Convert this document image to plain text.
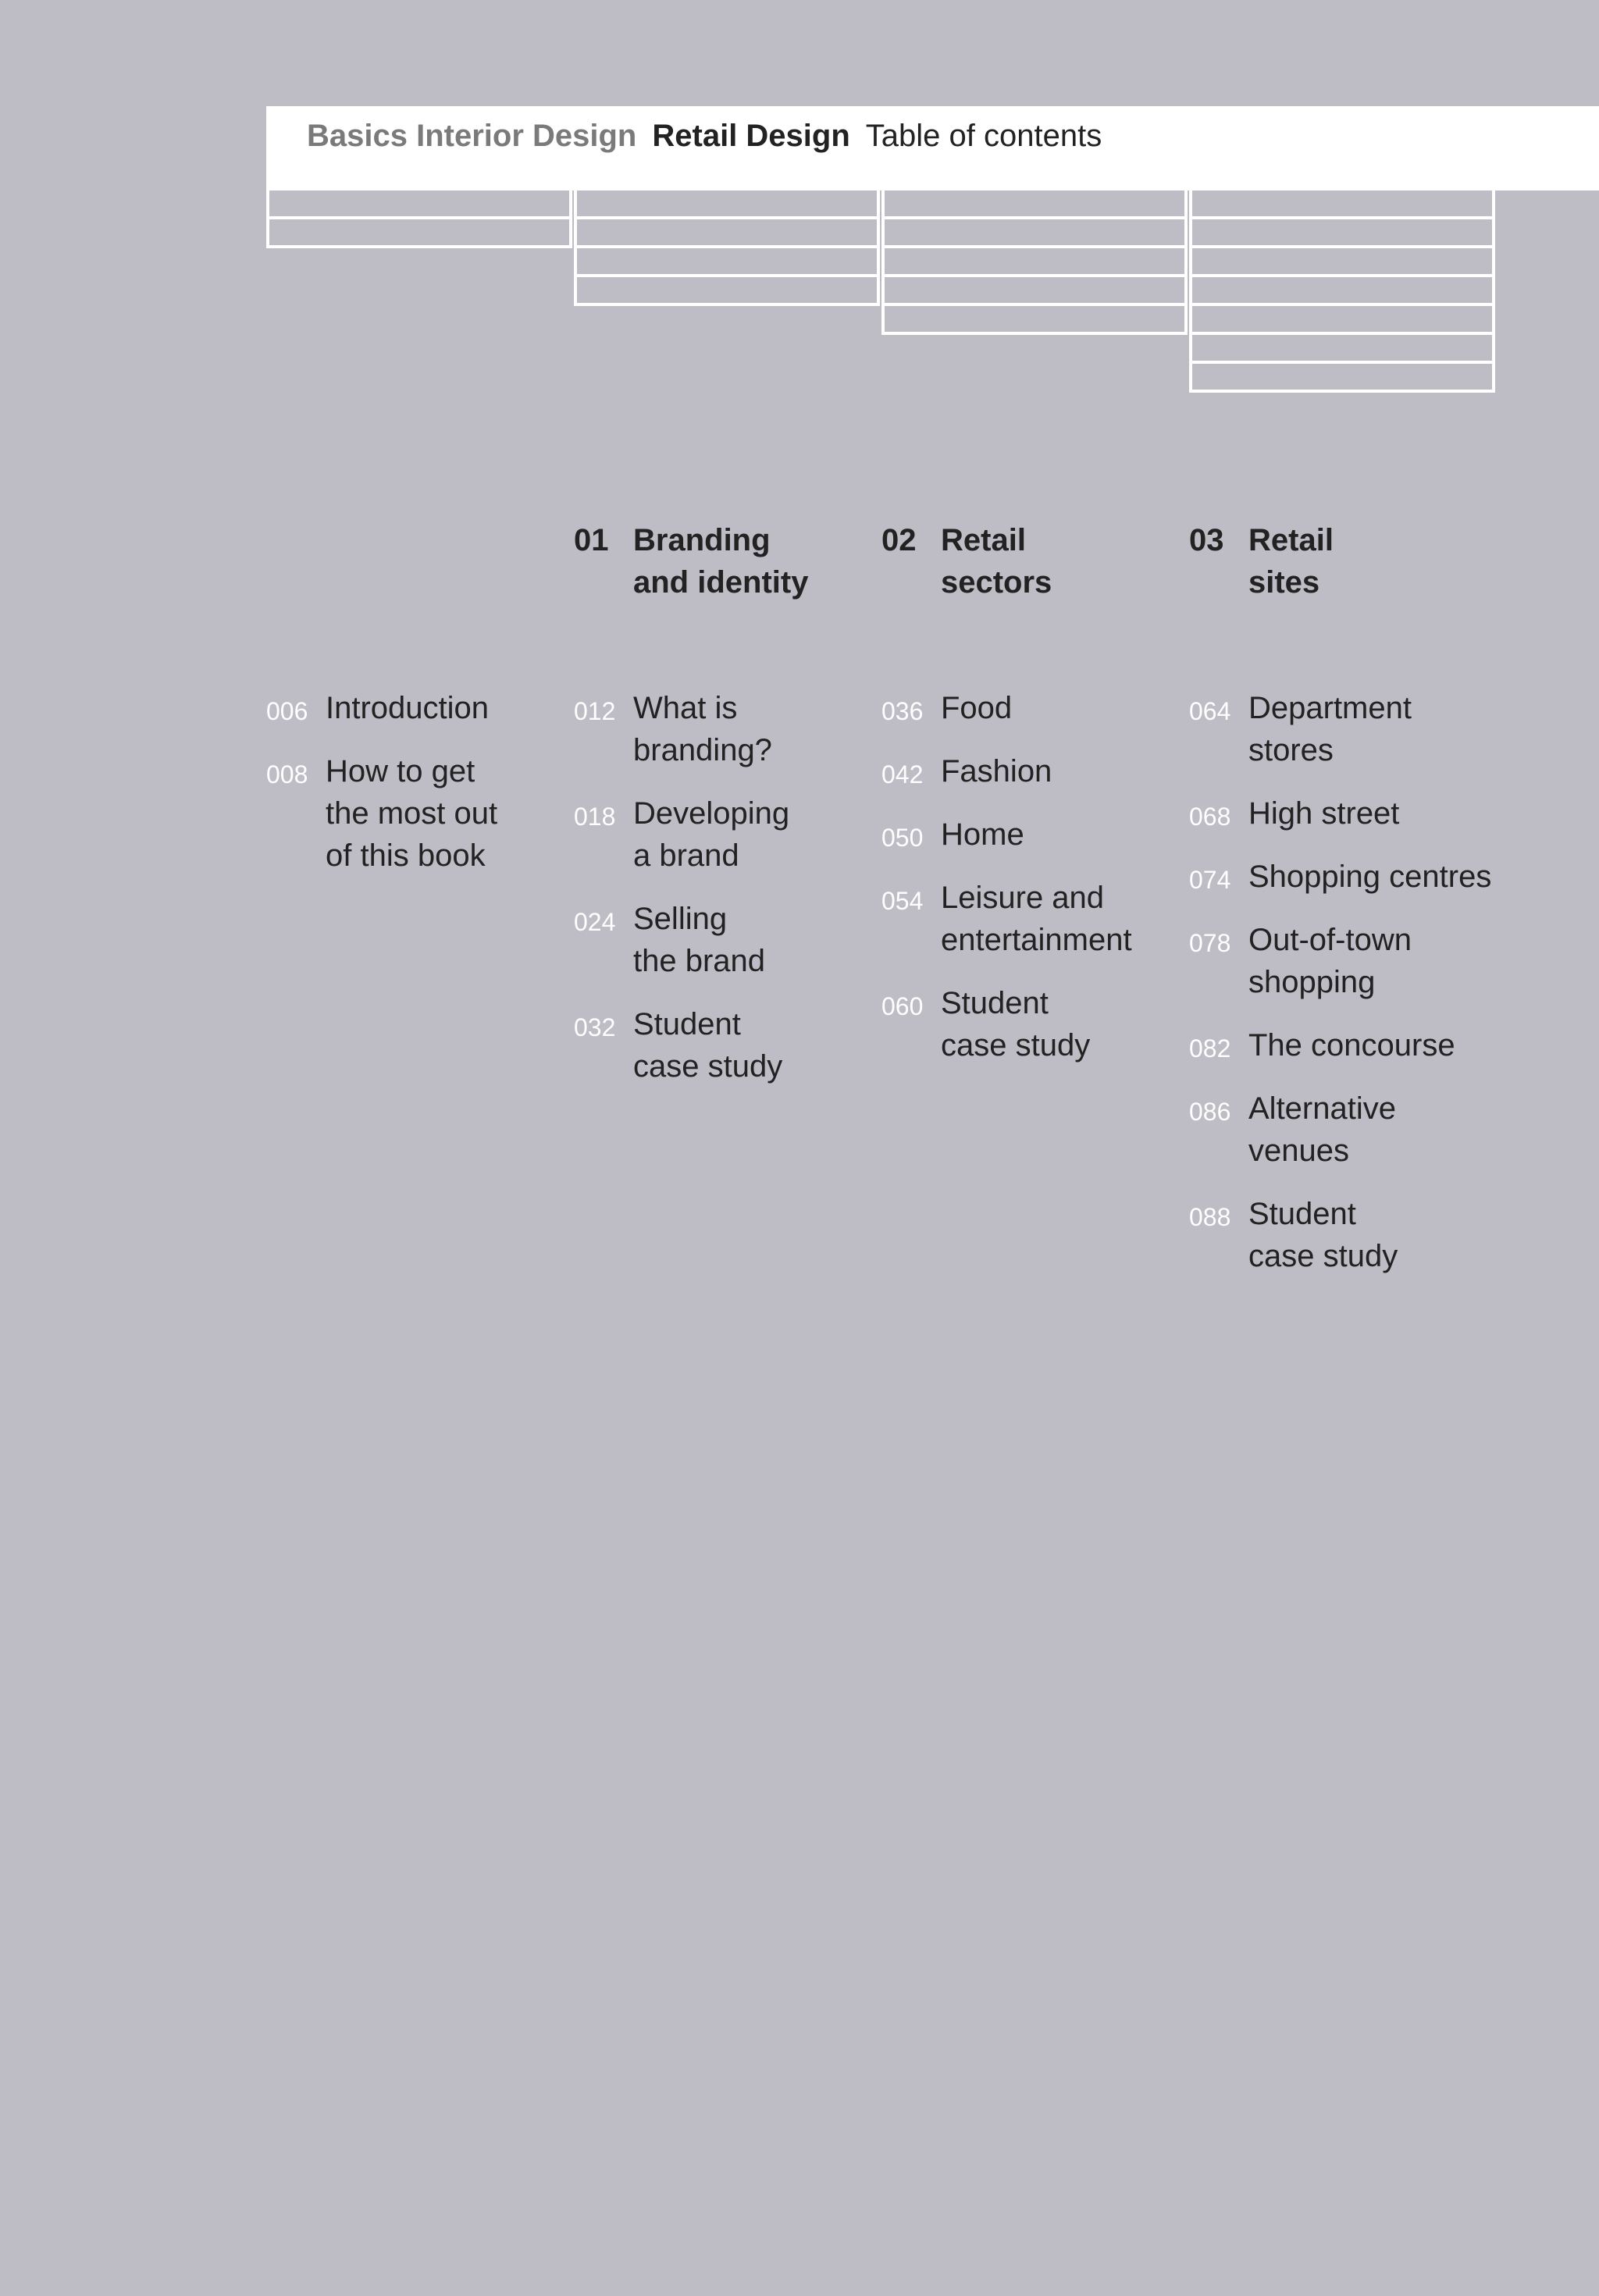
Basics Interior Design Retail Design Table of contents
01 Branding
and identity
02 Retail
sectors
03 Retail
sites
006 Introduction
008 How to get
the most out
of this book
012 What is
branding?
018 Developing
a brand
024 Selling
the brand
032 Student
case study
036 Food
042 Fashion
050 Home
054 Leisure and
entertainment
060 Student
case study
064 Department
stores
068 High street
074 Shopping centres
078 Out-of-town
shopping
082 The concourse
086 Alternative
venues
088 Student
case study
